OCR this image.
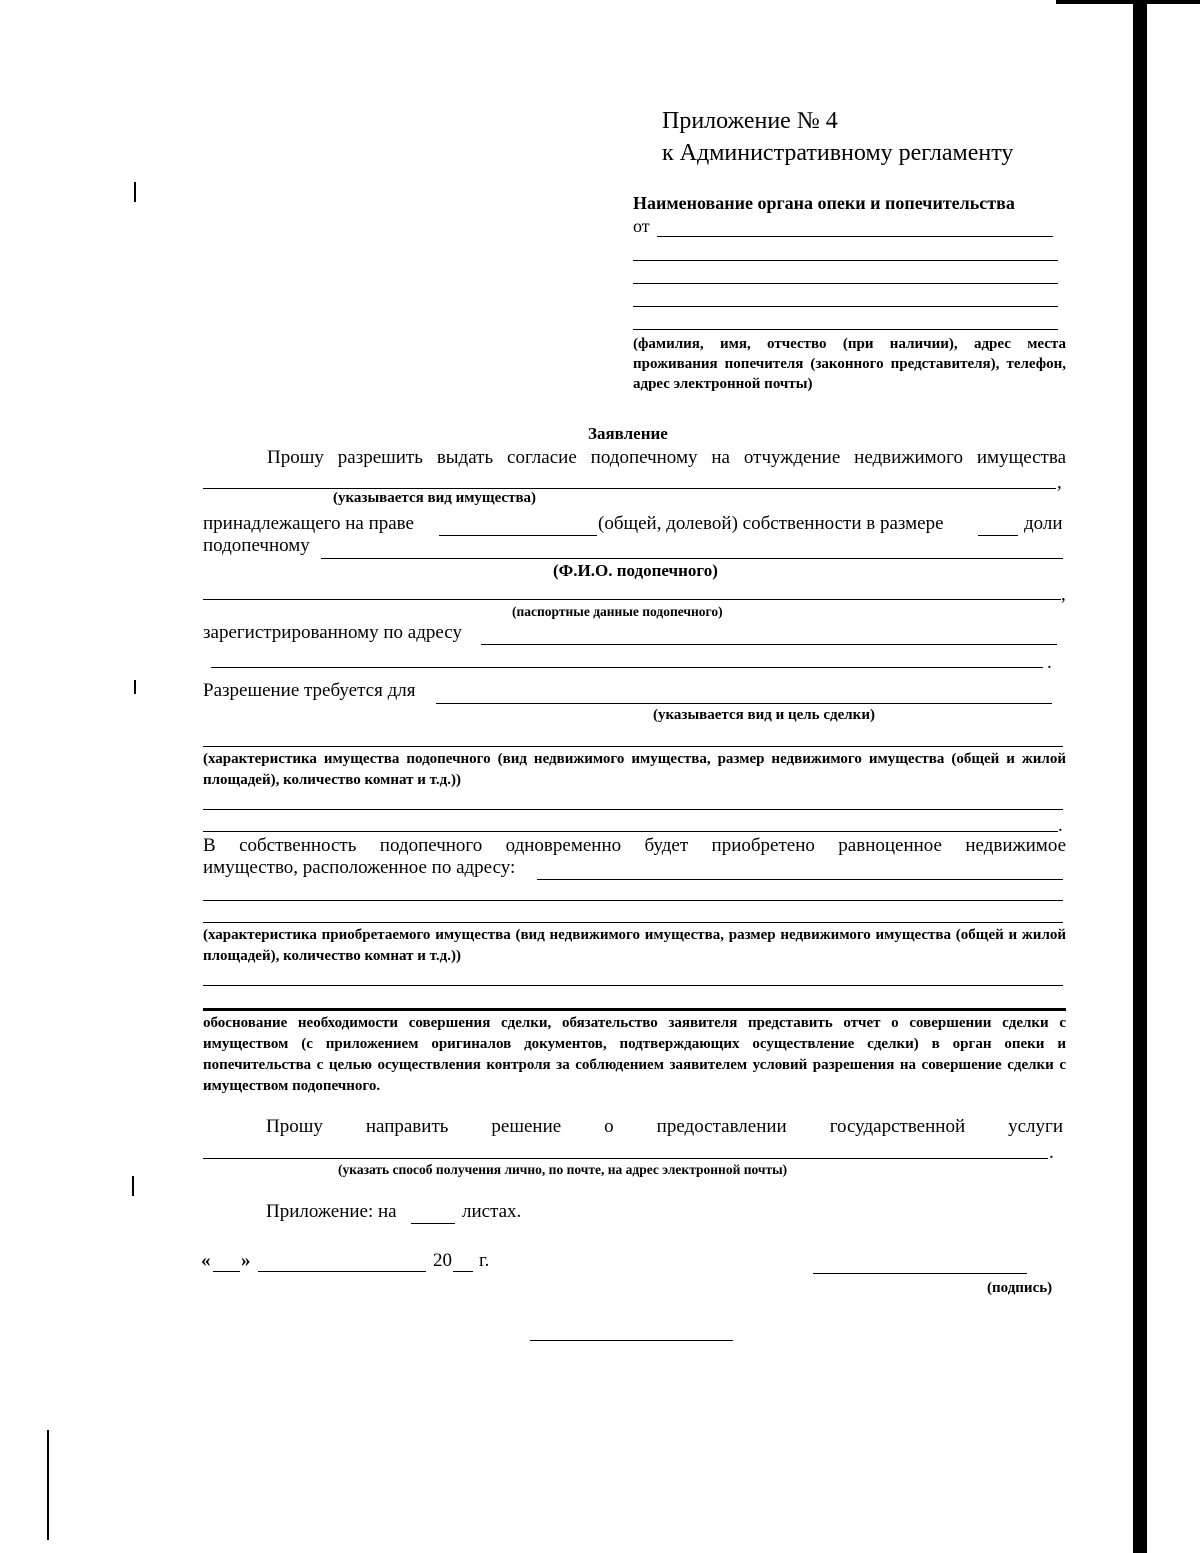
Приложение № 4
к Административному регламенту
Наименование органа опеки и попечительства
от
(фамилия, имя, отчество (при наличии), адрес места проживания попечителя (законного представителя), телефон, адрес электронной почты)
Заявление
Прошу разрешить выдать согласие подопечному на отчуждение недвижимого имущества
,
(указывается вид имущества)
принадлежащего на праве	(общей, долевой) собственности в размере	доли
подопечному
(Ф.И.О. подопечного)
,
(паспортные данные подопечного)
зарегистрированному по адресу
.
Разрешение требуется для
(указывается вид и цель сделки)
(характеристика имущества подопечного (вид недвижимого имущества, размер недвижимого имущества (общей и жилой площадей), количество комнат и т.д.))
.
В собственность подопечного одновременно будет приобретено равноценное недвижимое
имущество, расположенное по адресу:
(характеристика приобретаемого имущества (вид недвижимого имущества, размер недвижимого имущества (общей и жилой площадей), количество комнат и т.д.))
обоснование необходимости совершения сделки, обязательство заявителя представить отчет о совершении сделки с имуществом (с приложением оригиналов документов, подтверждающих осуществление сделки) в орган опеки и попечительства с целью осуществления контроля за соблюдением заявителем условий разрешения на совершение сделки с имуществом подопечного.
Прошу направить решение о предоставлении государственной услуги
.
(указать способ получения лично, по почте, на адрес электронной почты)
Приложение: на	листах.
« »	20 г.
(подпись)
